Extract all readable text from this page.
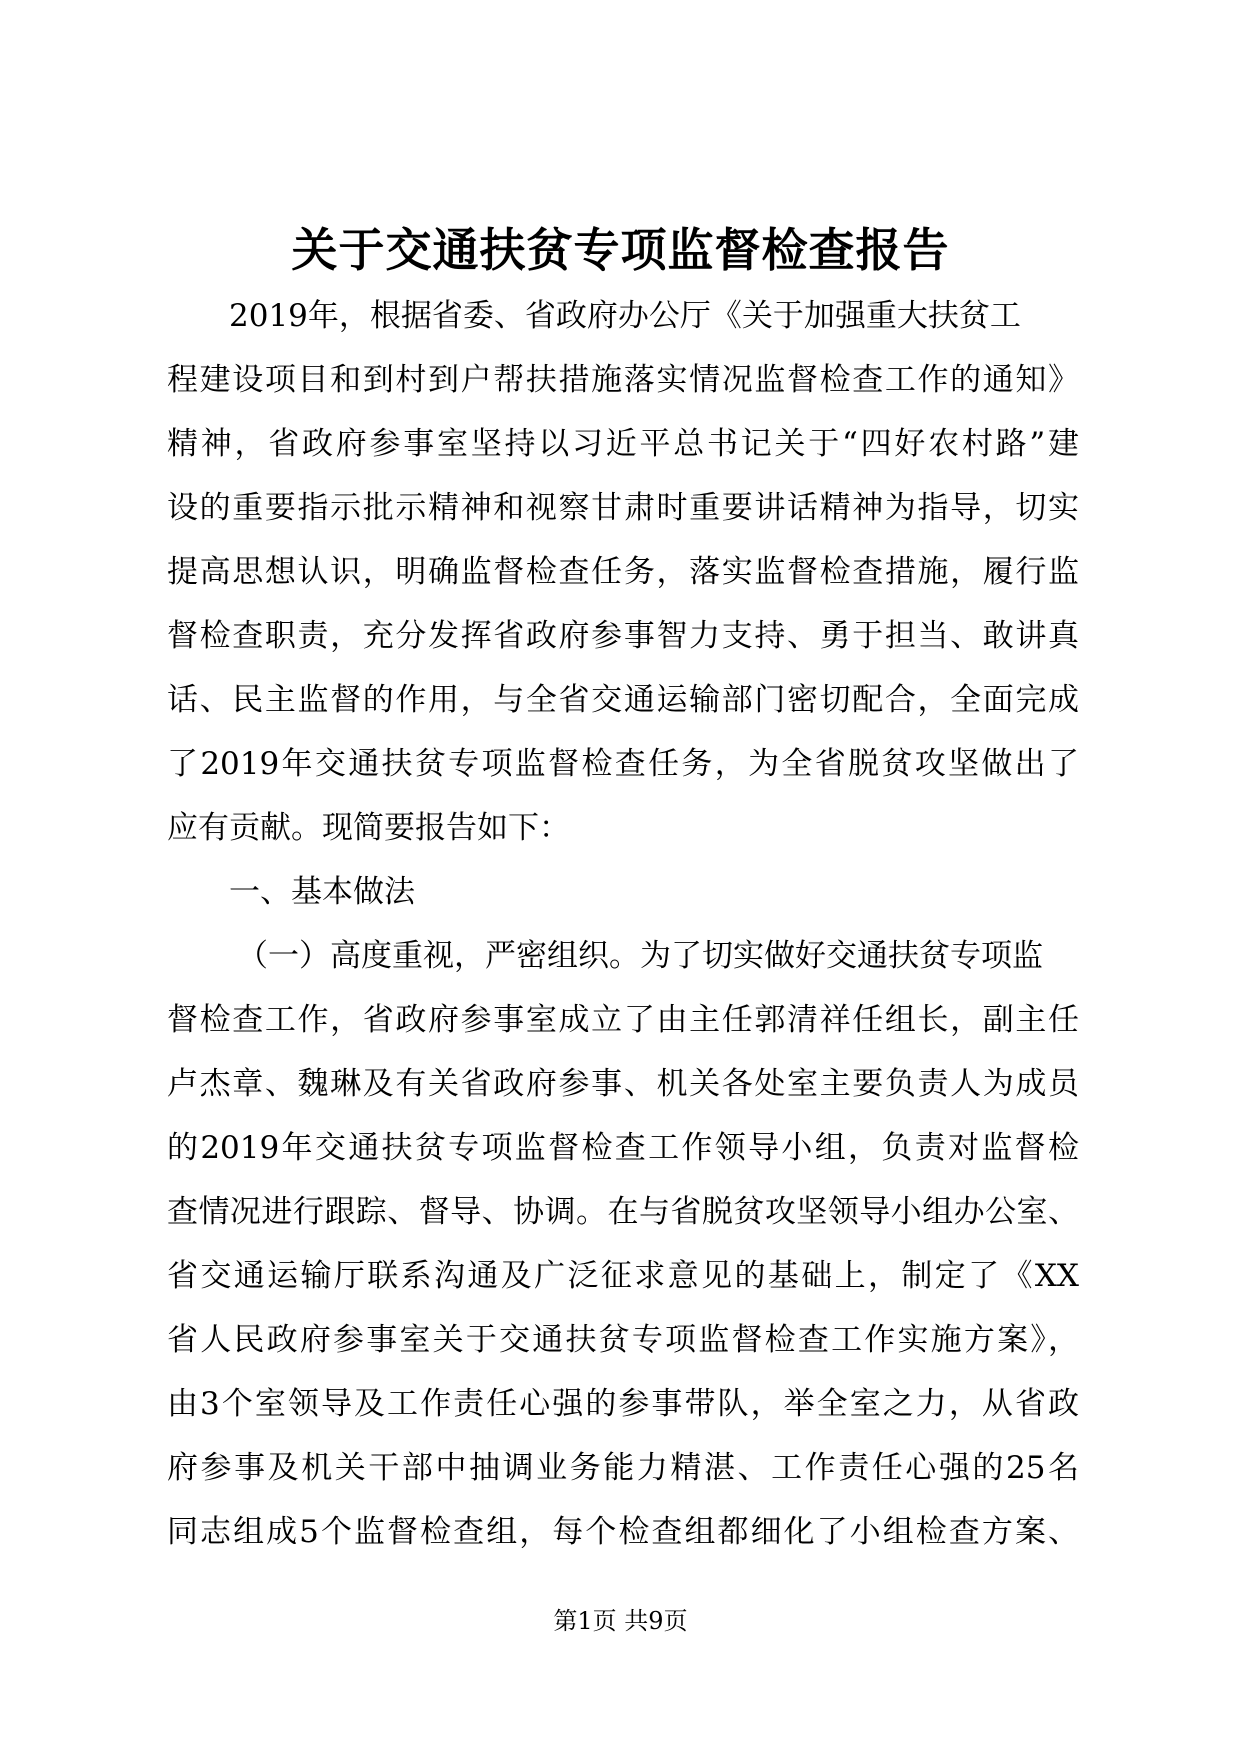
关于交通扶贫专项监督检查报告
2019年，根据省委、省政府办公厅《关于加强重大扶贫工
程建设项目和到村到户帮扶措施落实情况监督检查工作的通知》
精神，省政府参事室坚持以习近平总书记关于“四好农村路”建
设的重要指示批示精神和视察甘肃时重要讲话精神为指导，切实
提高思想认识，明确监督检查任务，落实监督检查措施，履行监
督检查职责，充分发挥省政府参事智力支持、勇于担当、敢讲真
话、民主监督的作用，与全省交通运输部门密切配合，全面完成
了2019年交通扶贫专项监督检查任务，为全省脱贫攻坚做出了
应有贡献。现简要报告如下：
一、基本做法
（一）高度重视，严密组织。为了切实做好交通扶贫专项监
督检查工作，省政府参事室成立了由主任郭清祥任组长，副主任
卢杰章、魏琳及有关省政府参事、机关各处室主要负责人为成员
的2019年交通扶贫专项监督检查工作领导小组，负责对监督检
查情况进行跟踪、督导、协调。在与省脱贫攻坚领导小组办公室、
省交通运输厅联系沟通及广泛征求意见的基础上，制定了《XX
省人民政府参事室关于交通扶贫专项监督检查工作实施方案》，
由3个室领导及工作责任心强的参事带队，举全室之力，从省政
府参事及机关干部中抽调业务能力精湛、工作责任心强的25名
同志组成5个监督检查组，每个检查组都细化了小组检查方案、
第1页 共9页
